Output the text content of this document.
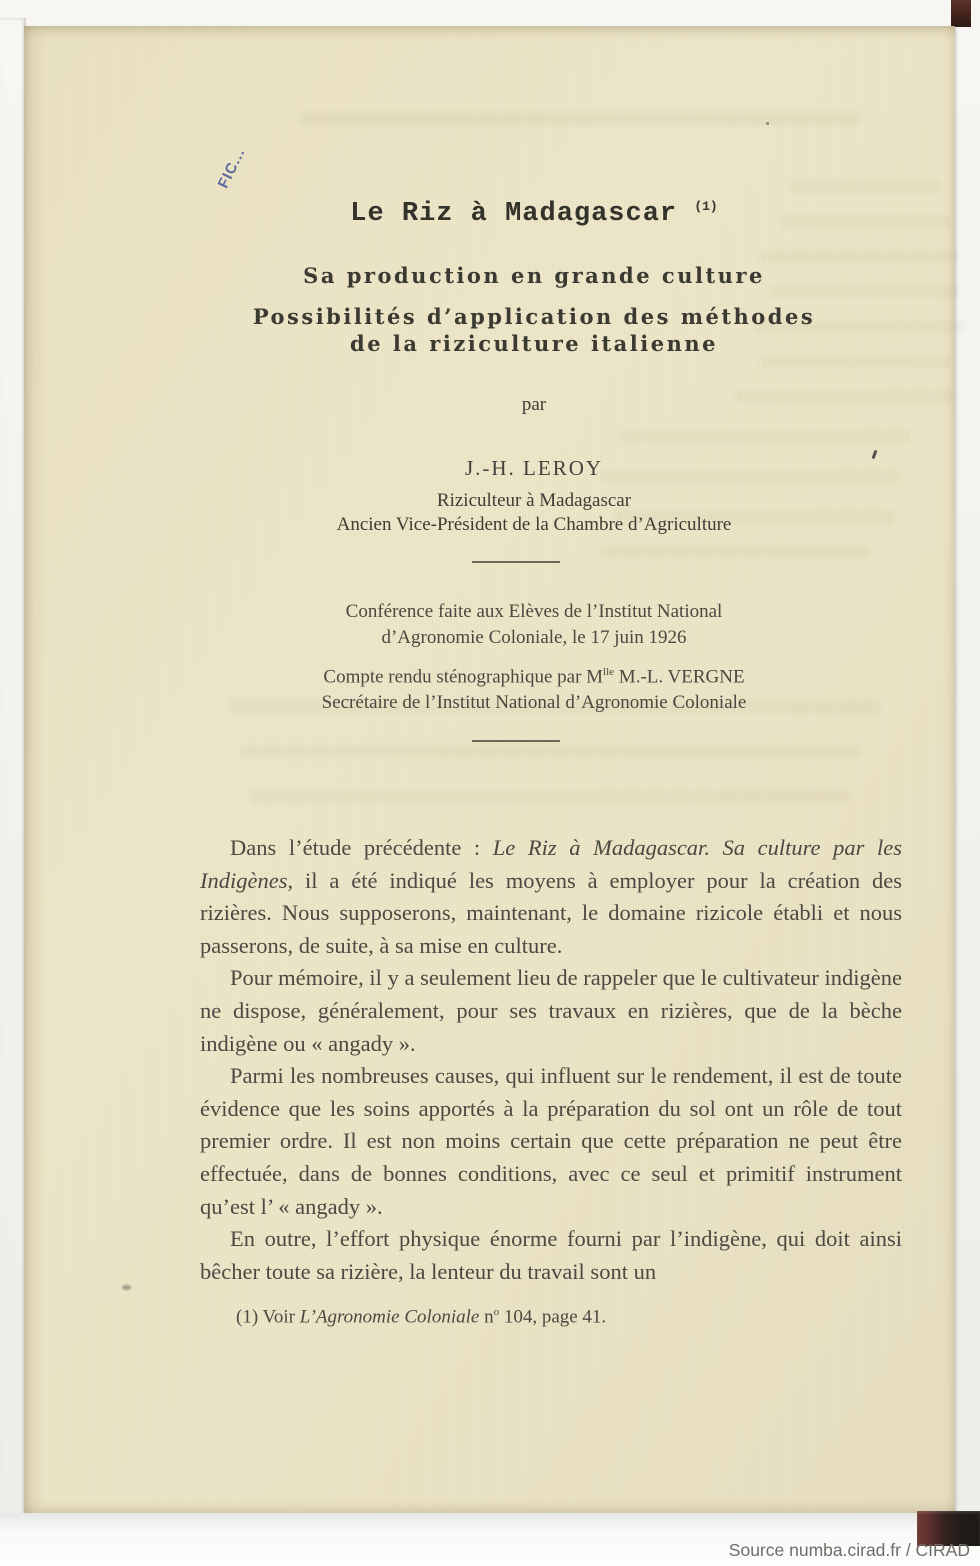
FIC...
Le Riz à Madagascar $^{(1)}$
Sa production en grande culture
Possibilités d’application des méthodes
de la riziculture italienne
par
J.-H. LEROY
Riziculteur à Madagascar
Ancien Vice-Président de la Chambre d’Agriculture
Conférence faite aux Elèves de l’Institut National
d’Agronomie Coloniale, le 17 juin 1926
Compte rendu sténographique par $M^{lle}$ M.-L. VERGNE
Secrétaire de l’Institut National d’Agronomie Coloniale

Dans l’étude précédente : Le Riz à Madagascar. Sa culture par les Indigènes, il a été indiqué les moyens à employer pour la création des rizières. Nous supposerons, maintenant, le domaine rizicole établi et nous passerons, de suite, à sa mise en culture.

Pour mémoire, il y a seulement lieu de rappeler que le cultivateur indigène ne dispose, généralement, pour ses travaux en rizières, que de la bèche indigène ou « angady ».

Parmi les nombreuses causes, qui influent sur le rendement, il est de toute évidence que les soins apportés à la préparation du sol ont un rôle de tout premier ordre. Il est non moins certain que cette préparation ne peut être effectuée, dans de bonnes conditions, avec ce seul et primitif instrument qu’est l’ « angady ».

En outre, l’effort physique énorme fourni par l’indigène, qui doit ainsi bêcher toute sa rizière, la lenteur du travail sont un

(1) Voir L’Agronomie Coloniale $n^o$ 104, page 41.
Source numba.cirad.fr / CIRAD
